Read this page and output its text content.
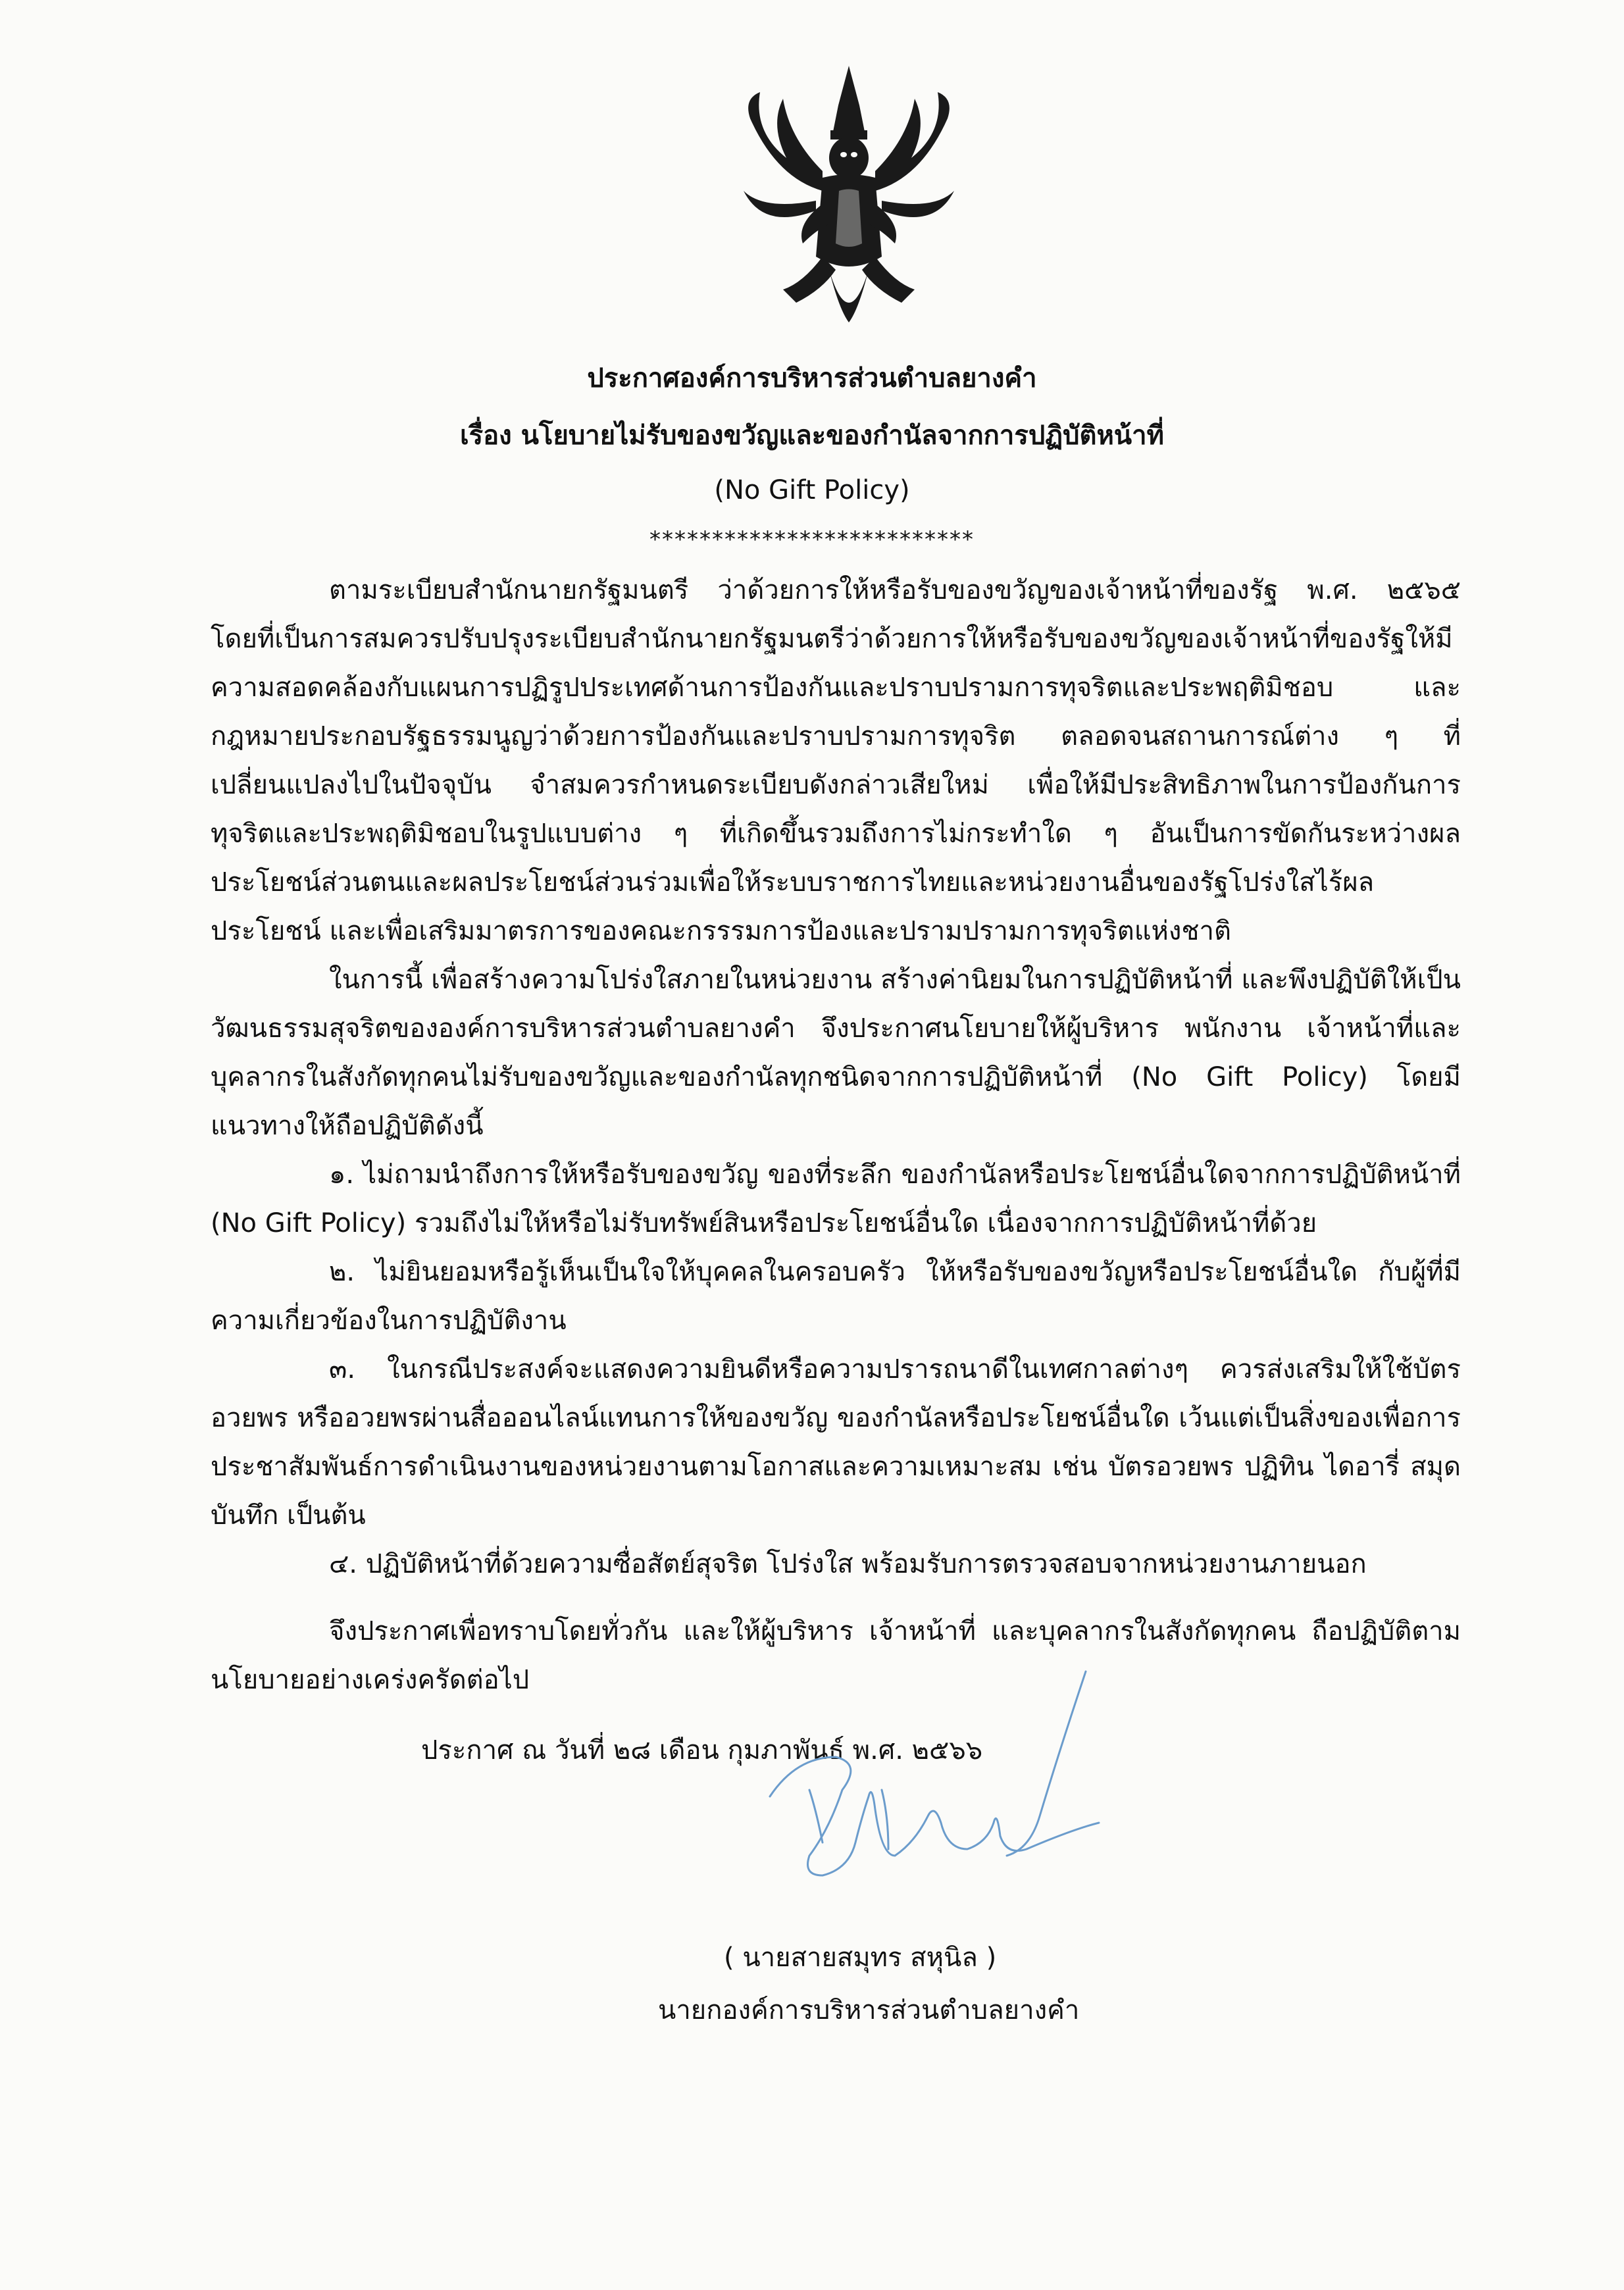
ประกาศองค์การบริหารส่วนตำบลยางคำ
เรื่อง นโยบายไม่รับของขวัญและของกำนัลจากการปฏิบัติหน้าที่
(No Gift Policy)
**************************

ตามระเบียบสำนักนายกรัฐมนตรี ว่าด้วยการให้หรือรับของขวัญของเจ้าหน้าที่ของรัฐ พ.ศ. ๒๕๖๕ โดยที่เป็นการสมควรปรับปรุงระเบียบสำนักนายกรัฐมนตรีว่าด้วยการให้หรือรับของขวัญของเจ้าหน้าที่ของรัฐให้มีความสอดคล้องกับแผนการปฏิรูปประเทศด้านการป้องกันและปราบปรามการทุจริตและประพฤติมิชอบ และกฎหมายประกอบรัฐธรรมนูญว่าด้วยการป้องกันและปราบปรามการทุจริต ตลอดจนสถานการณ์ต่าง ๆ ที่เปลี่ยนแปลงไปในปัจจุบัน จำสมควรกำหนดระเบียบดังกล่าวเสียใหม่ เพื่อให้มีประสิทธิภาพในการป้องกันการทุจริตและประพฤติมิชอบในรูปแบบต่าง ๆ ที่เกิดขึ้นรวมถึงการไม่กระทำใด ๆ อันเป็นการขัดกันระหว่างผลประโยชน์ส่วนตนและผลประโยชน์ส่วนร่วมเพื่อให้ระบบราชการไทยและหน่วยงานอื่นของรัฐโปร่งใสไร้ผลประโยชน์ และเพื่อเสริมมาตรการของคณะกรรรมการป้องและปรามปรามการทุจริตแห่งชาติ

ในการนี้ เพื่อสร้างความโปร่งใสภายในหน่วยงาน สร้างค่านิยมในการปฏิบัติหน้าที่ และพึงปฏิบัติให้เป็นวัฒนธรรมสุจริตขององค์การบริหารส่วนตำบลยางคำ จึงประกาศนโยบายให้ผู้บริหาร พนักงาน เจ้าหน้าที่และบุคลากรในสังกัดทุกคนไม่รับของขวัญและของกำนัลทุกชนิดจากการปฏิบัติหน้าที่ (No Gift Policy) โดยมีแนวทางให้ถือปฏิบัติดังนี้

๑. ไม่ถามนำถึงการให้หรือรับของขวัญ ของที่ระลึก ของกำนัลหรือประโยชน์อื่นใดจากการปฏิบัติหน้าที่ (No Gift Policy) รวมถึงไม่ให้หรือไม่รับทรัพย์สินหรือประโยชน์อื่นใด เนื่องจากการปฏิบัติหน้าที่ด้วย

๒. ไม่ยินยอมหรือรู้เห็นเป็นใจให้บุคคลในครอบครัว ให้หรือรับของขวัญหรือประโยชน์อื่นใด กับผู้ที่มีความเกี่ยวข้องในการปฏิบัติงาน

๓. ในกรณีประสงค์จะแสดงความยินดีหรือความปรารถนาดีในเทศกาลต่างๆ ควรส่งเสริมให้ใช้บัตรอวยพร หรืออวยพรผ่านสื่อออนไลน์แทนการให้ของขวัญ ของกำนัลหรือประโยชน์อื่นใด เว้นแต่เป็นสิ่งของเพื่อการประชาสัมพันธ์การดำเนินงานของหน่วยงานตามโอกาสและความเหมาะสม เช่น บัตรอวยพร ปฏิทิน ไดอารี่ สมุดบันทึก เป็นต้น

๔. ปฏิบัติหน้าที่ด้วยความซื่อสัตย์สุจริต โปร่งใส พร้อมรับการตรวจสอบจากหน่วยงานภายนอก

จึงประกาศเพื่อทราบโดยทั่วกัน และให้ผู้บริหาร เจ้าหน้าที่ และบุคลากรในสังกัดทุกคน ถือปฏิบัติตามนโยบายอย่างเคร่งครัดต่อไป

ประกาศ ณ วันที่ ๒๘ เดือน กุมภาพันธ์ พ.ศ. ๒๕๖๖
( นายสายสมุทร สหุนิล )
นายกองค์การบริหารส่วนตำบลยางคำ
